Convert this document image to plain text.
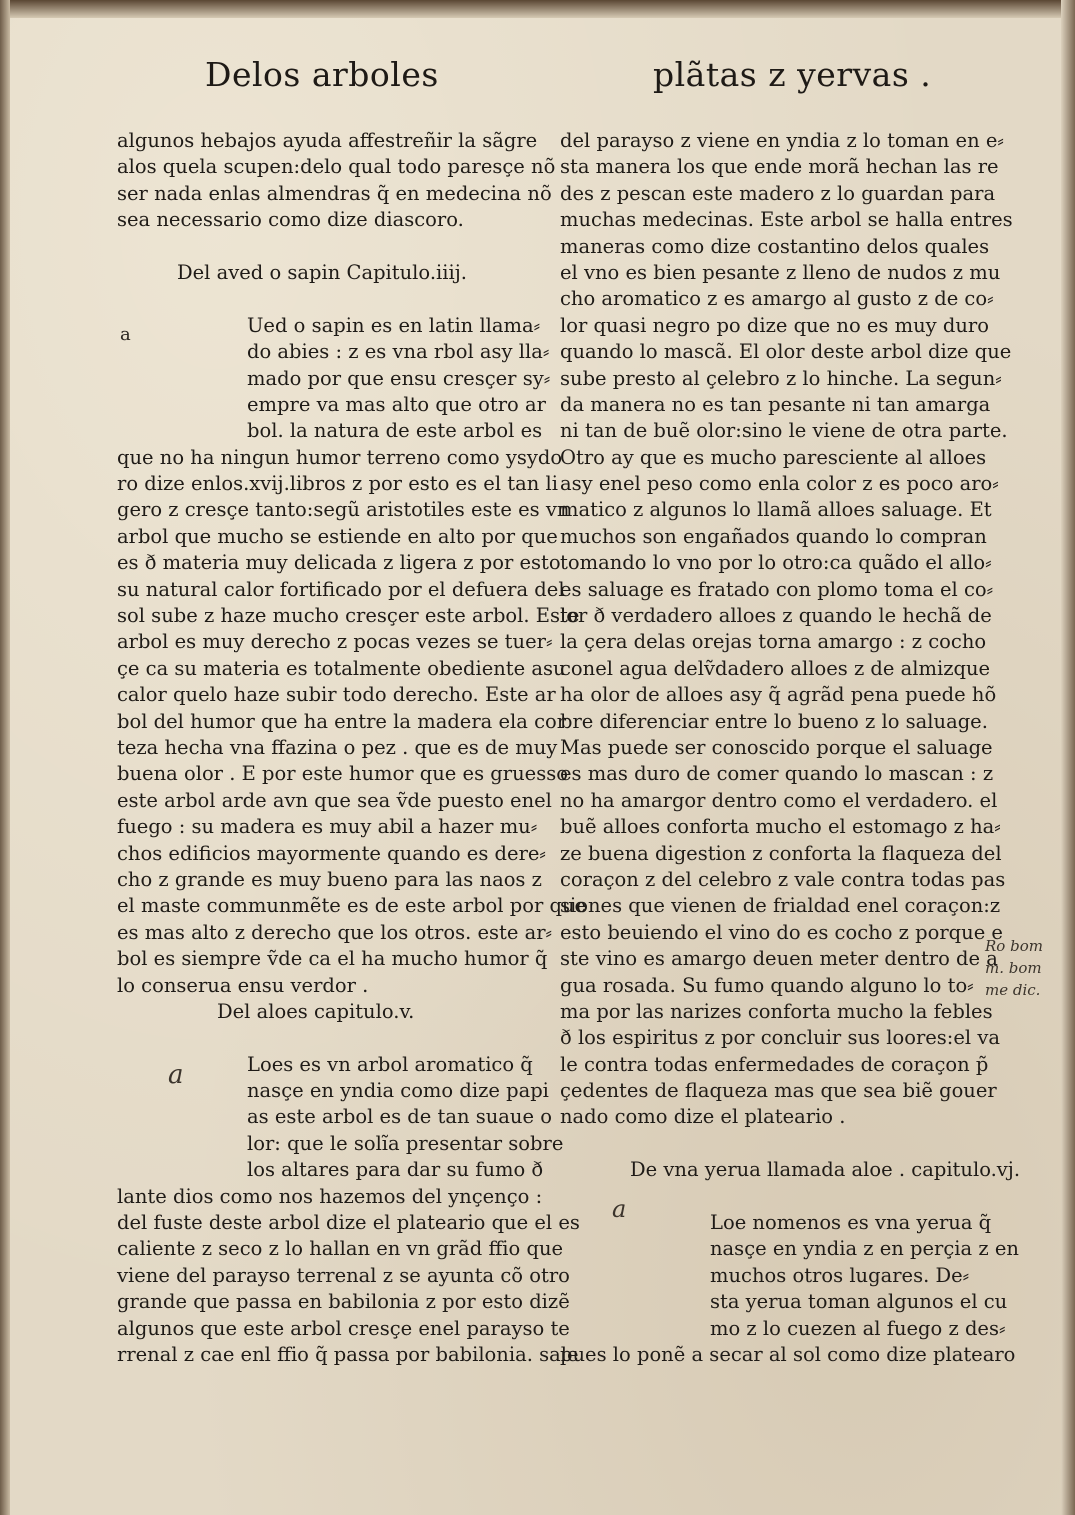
Delos arboles	plãtas z yervas .
a
algunos hebajos ayuda affestreñir la sãgre
alos quela scupen:delo qual todo paresçe nõ
ser nada enlas almendras q̃ en medecina nõ
sea necessario como dize diascoro.
Del aved o sapin Capitulo.iiij.
Ued o sapin es en latin llama⸗
do abies : z es vna rbol asy lla⸗
mado por que ensu cresçer sy⸗
empre va mas alto que otro ar
bol. la natura de este arbol es
que no ha ningun humor terreno como ysydo
ro dize enlos.xvij.libros z por esto es el tan li
gero z cresçe tanto:segũ aristotiles este es vn
arbol que mucho se estiende en alto por que
es ð materia muy delicada z ligera z por esto
su natural calor fortificado por el defuera del
sol sube z haze mucho cresçer este arbol. Este
arbol es muy derecho z pocas vezes se tuer⸗
çe ca su materia es totalmente obediente asu
calor quelo haze subir todo derecho. Este ar
bol del humor que ha entre la madera ela cor
teza hecha vna ffazina o pez . que es de muy
buena olor . E por este humor que es gruesso
este arbol arde avn que sea ṽde puesto enel
fuego : su madera es muy abil a hazer mu⸗
chos edificios mayormente quando es dere⸗
cho z grande es muy bueno para las naos z
el maste communmẽte es de este arbol por que
es mas alto z derecho que los otros. este ar⸗
bol es siempre ṽde ca el ha mucho humor q̃
lo conserua ensu verdor .
Del aloes capitulo.v.
Loes es vn arbol aromatico q̃
nasçe en yndia como dize papi
as este arbol es de tan suaue o
lor: que le solĩa presentar sobre
los altares para dar su fumo ð
lante dios como nos hazemos del ynçenço :
del fuste deste arbol dize el plateario que el es
caliente z seco z lo hallan en vn grãd ffio que
viene del parayso terrenal z se ayunta cõ otro
grande que passa en babilonia z por esto dizẽ
algunos que este arbol cresçe enel parayso te
rrenal z cae enl ffio q̃ passa por babilonia. sale
del parayso z viene en yndia z lo toman en e⸗
sta manera los que ende morã hechan las re
des z pescan este madero z lo guardan para
muchas medecinas. Este arbol se halla entres
maneras como dize costantino delos quales
el vno es bien pesante z lleno de nudos z mu
cho aromatico z es amargo al gusto z de co⸗
lor quasi negro po dize que no es muy duro
quando lo mascã. El olor deste arbol dize que
sube presto al çelebro z lo hinche. La segun⸗
da manera no es tan pesante ni tan amarga
ni tan de buẽ olor:sino le viene de otra parte.
Otro ay que es mucho paresciente al alloes
asy enel peso como enla color z es poco aro⸗
matico z algunos lo llamã alloes saluage. Et
muchos son engañados quando lo compran
tomando lo vno por lo otro:ca quãdo el allo⸗
es saluage es fratado con plomo toma el co⸗
lor ð verdadero alloes z quando le hechã de
la çera delas orejas torna amargo : z cocho
conel agua delṽdadero alloes z de almizque
ha olor de alloes asy q̃ agrãd pena puede hõ
bre diferenciar entre lo bueno z lo saluage.
Mas puede ser conoscido porque el saluage
es mas duro de comer quando lo mascan : z
no ha amargor dentro como el verdadero. el
buẽ alloes conforta mucho el estomago z ha⸗
ze buena digestion z conforta la flaqueza del
coraçon z del celebro z vale contra todas pas
siones que vienen de frialdad enel coraçon:z
esto beuiendo el vino do es cocho z porque e
ste vino es amargo deuen meter dentro de a
gua rosada. Su fumo quando alguno lo to⸗
ma por las narizes conforta mucho la febles
ð los espiritus z por concluir sus loores:el va
le contra todas enfermedades de coraçon p̃
çedentes de flaqueza mas que sea biẽ gouer
nado como dize el plateario .
De vna yerua llamada aloe . capitulo.vj.
Loe nomenos es vna yerua q̃
nasçe en yndia z en perçia z en
muchos otros lugares. De⸗
sta yerua toman algunos el cu
mo z lo cuezen al fuego z des⸗
pues lo ponẽ a secar al sol como dize platearo
a
a
Ro bom
m. bom
me dic.
